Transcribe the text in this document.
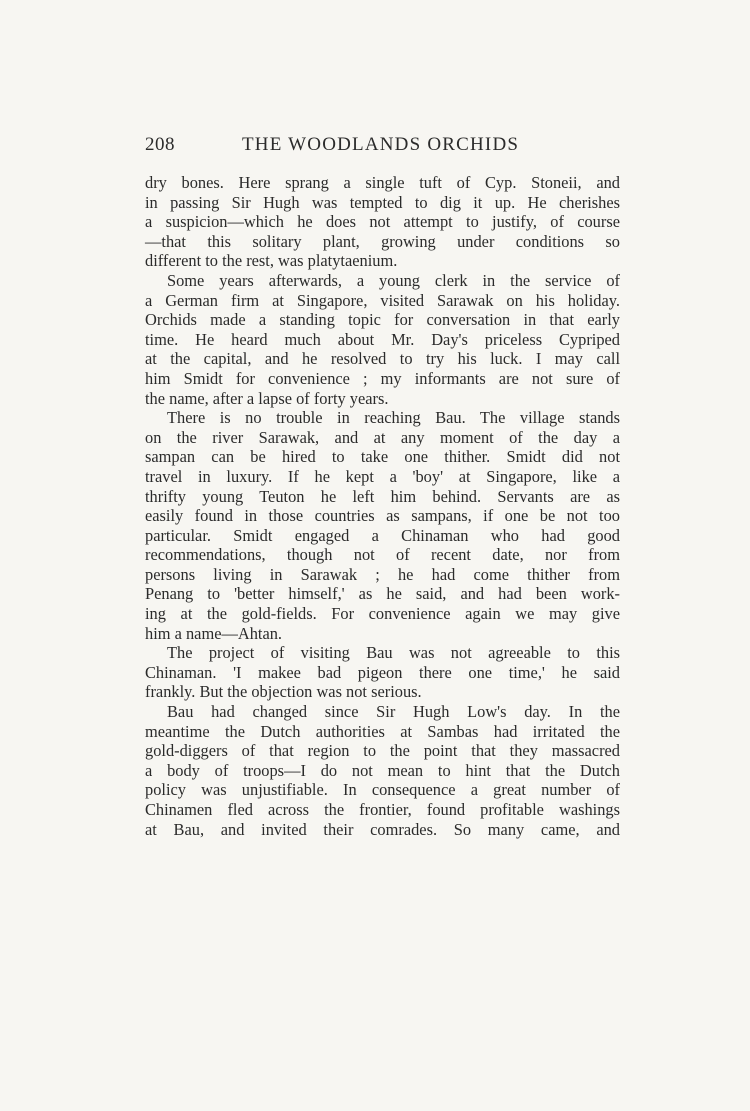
208	THE WOODLANDS ORCHIDS
dry bones. Here sprang a single tuft of Cyp. Stoneii, and
in passing Sir Hugh was tempted to dig it up. He cherishes
a suspicion—which he does not attempt to justify, of course
—that this solitary plant, growing under conditions so
different to the rest, was platytaenium.
Some years afterwards, a young clerk in the service of
a German firm at Singapore, visited Sarawak on his holiday.
Orchids made a standing topic for conversation in that early
time. He heard much about Mr. Day's priceless Cypriped
at the capital, and he resolved to try his luck. I may call
him Smidt for convenience ; my informants are not sure of
the name, after a lapse of forty years.
There is no trouble in reaching Bau. The village stands
on the river Sarawak, and at any moment of the day a
sampan can be hired to take one thither. Smidt did not
travel in luxury. If he kept a 'boy' at Singapore, like a
thrifty young Teuton he left him behind. Servants are as
easily found in those countries as sampans, if one be not too
particular. Smidt engaged a Chinaman who had good
recommendations, though not of recent date, nor from
persons living in Sarawak ; he had come thither from
Penang to 'better himself,' as he said, and had been work-
ing at the gold-fields. For convenience again we may give
him a name—Ahtan.
The project of visiting Bau was not agreeable to this
Chinaman. 'I makee bad pigeon there one time,' he said
frankly. But the objection was not serious.
Bau had changed since Sir Hugh Low's day. In the
meantime the Dutch authorities at Sambas had irritated the
gold-diggers of that region to the point that they massacred
a body of troops—I do not mean to hint that the Dutch
policy was unjustifiable. In consequence a great number of
Chinamen fled across the frontier, found profitable washings
at Bau, and invited their comrades. So many came, and
